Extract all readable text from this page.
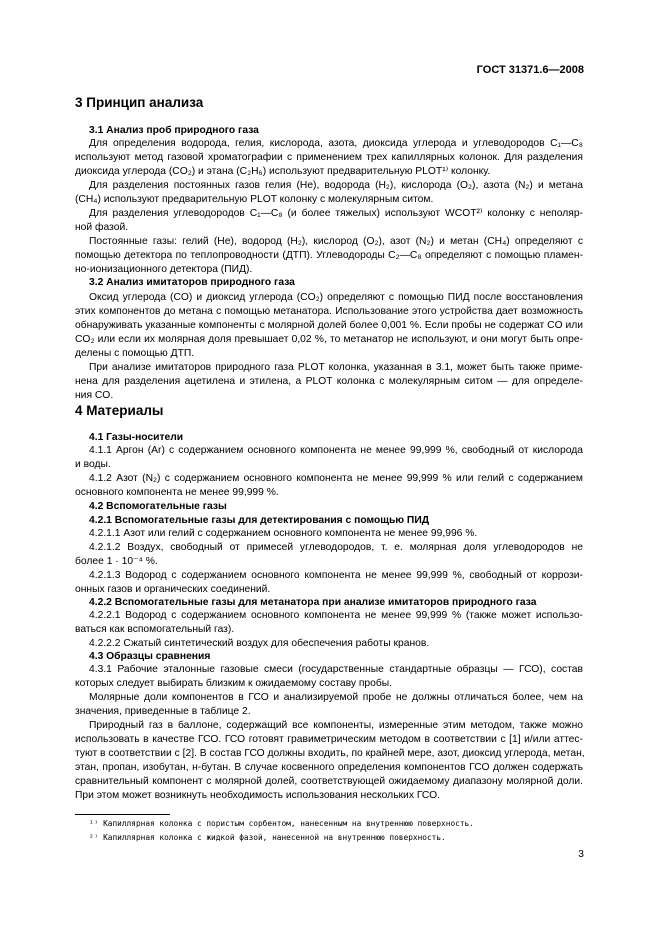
ГОСТ 31371.6—2008
3 Принцип анализа
3.1 Анализ проб природного газа
Для определения водорода, гелия, кислорода, азота, диоксида углерода и углеводородов C₁—C₈
используют метод газовой хроматографии с применением трех капиллярных колонок. Для разделения
диоксида углерода (CO₂) и этана (C₂H₆) используют предварительную PLOT¹⁾ колонку.
Для разделения постоянных газов гелия (He), водорода (H₂), кислорода (O₂), азота (N₂) и метана
(CH₄) используют предварительную PLOT колонку с молекулярным ситом.
Для разделения углеводородов C₁—C₈ (и более тяжелых) используют WCOT²⁾ колонку с неполяр-
ной фазой.
Постоянные газы: гелий (He), водород (H₂), кислород (O₂), азот (N₂) и метан (CH₄) определяют с
помощью детектора по теплопроводности (ДТП). Углеводороды C₂—C₈ определяют с помощью пламен-
но-ионизационного детектора (ПИД).
3.2 Анализ имитаторов природного газа
Оксид углерода (CO) и диоксид углерода (CO₂) определяют с помощью ПИД после восстановления
этих компонентов до метана с помощью метанатора. Использование этого устройства дает возможность
обнаруживать указанные компоненты с молярной долей более 0,001 %. Если пробы не содержат CO или
CO₂ или если их молярная доля превышает 0,02 %, то метанатор не используют, и они могут быть опре-
делены с помощью ДТП.
При анализе имитаторов природного газа PLOT колонка, указанная в 3.1, может быть также приме-
нена для разделения ацетилена и этилена, а PLOT колонка с молекулярным ситом — для определе-
ния CO.
4 Материалы
4.1 Газы-носители
4.1.1 Аргон (Ar) с содержанием основного компонента не менее 99,999 %, свободный от кислорода
и воды.
4.1.2 Азот (N₂) с содержанием основного компонента не менее 99,999 % или гелий с содержанием
основного компонента не менее 99,999 %.
4.2 Вспомогательные газы
4.2.1 Вспомогательные газы для детектирования с помощью ПИД
4.2.1.1 Азот или гелий с содержанием основного компонента не менее 99,996 %.
4.2.1.2 Воздух, свободный от примесей углеводородов, т. е. молярная доля углеводородов не
более 1 · 10⁻⁴ %.
4.2.1.3 Водород с содержанием основного компонента не менее 99,999 %, свободный от коррози-
онных газов и органических соединений.
4.2.2 Вспомогательные газы для метанатора при анализе имитаторов природного газа
4.2.2.1 Водород с содержанием основного компонента не менее 99,999 % (также может использо-
ваться как вспомогательный газ).
4.2.2.2 Сжатый синтетический воздух для обеспечения работы кранов.
4.3 Образцы сравнения
4.3.1 Рабочие эталонные газовые смеси (государственные стандартные образцы — ГСО), состав
которых следует выбирать близким к ожидаемому составу пробы.
Молярные доли компонентов в ГСО и анализируемой пробе не должны отличаться более, чем на
значения, приведенные в таблице 2.
Природный газ в баллоне, содержащий все компоненты, измеренные этим методом, также можно
использовать в качестве ГСО. ГСО готовят гравиметрическим методом в соответствии с [1] и/или аттес-
туют в соответствии с [2]. В состав ГСО должны входить, по крайней мере, азот, диоксид углерода, метан,
этан, пропан, изобутан, н-бутан. В случае косвенного определения компонентов ГСО должен содержать
сравнительный компонент с молярной долей, соответствующей ожидаемому диапазону молярной доли.
При этом может возникнуть необходимость использования нескольких ГСО.
¹⁾ Капиллярная колонка с пористым сорбентом, нанесенным на внутреннюю поверхность.
²⁾ Капиллярная колонка с жидкой фазой, нанесенной на внутреннюю поверхность.
3
